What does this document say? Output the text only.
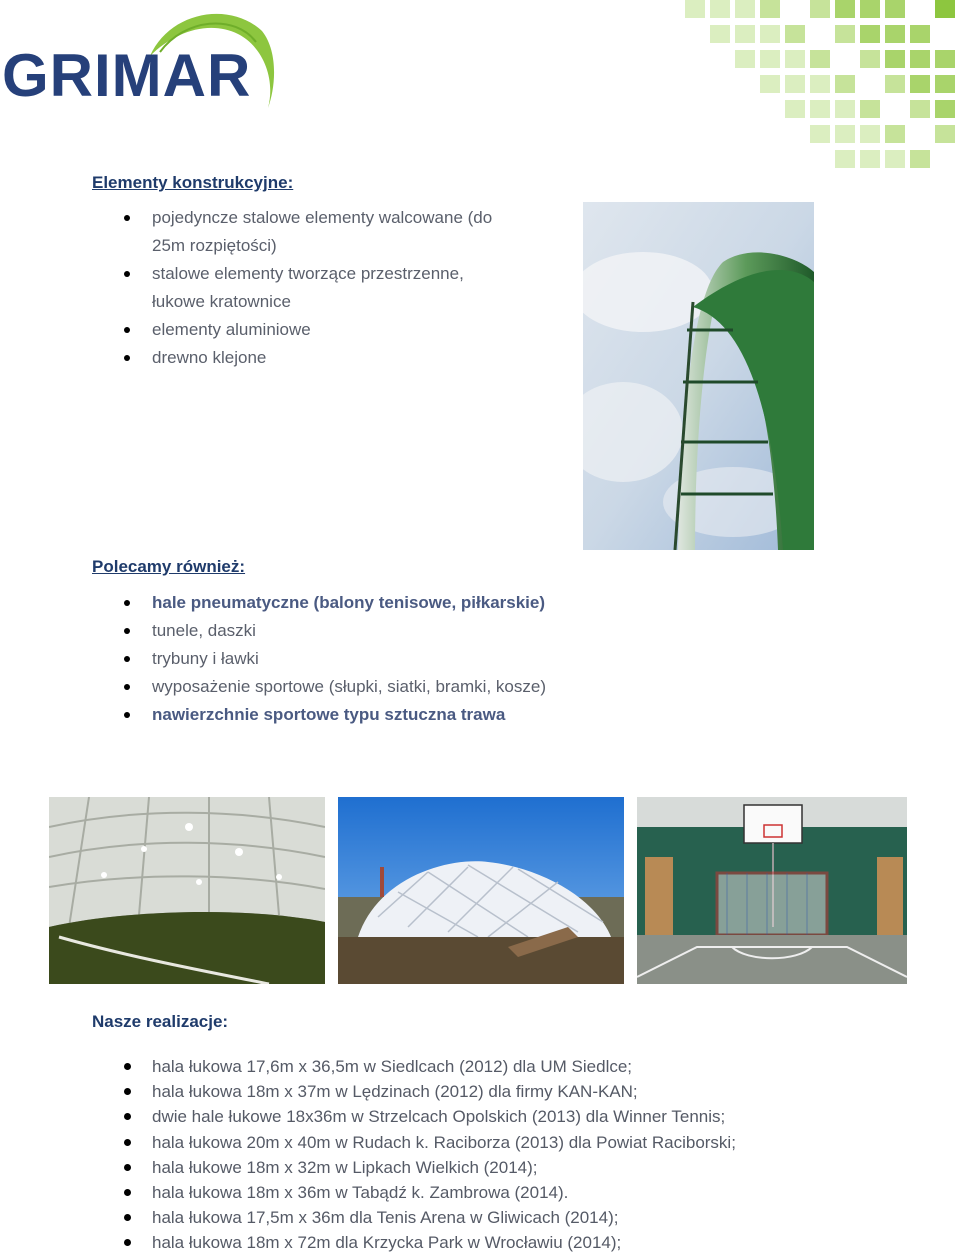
GRIMAR
Elementy konstrukcyjne:
pojedyncze stalowe elementy walcowane (do
25m rozpiętości)
stalowe elementy tworzące przestrzenne,
łukowe kratownice
elementy aluminiowe
drewno klejone
Polecamy również:
hale pneumatyczne (balony tenisowe, piłkarskie)
tunele, daszki
trybuny i ławki
wyposażenie sportowe (słupki, siatki, bramki, kosze)
nawierzchnie sportowe typu sztuczna trawa
Nasze realizacje:
hala łukowa 17,6m x 36,5m w Siedlcach (2012) dla UM Siedlce;
hala łukowa 18m x 37m w Lędzinach (2012) dla firmy KAN-KAN;
dwie hale łukowe 18x36m w Strzelcach Opolskich (2013) dla Winner Tennis;
hala łukowa 20m x 40m w Rudach k. Raciborza (2013) dla Powiat Raciborski;
hala łukowe 18m x 32m w Lipkach Wielkich (2014);
hala łukowa 18m x 36m w Tabądź k. Zambrowa (2014).
hala łukowa 17,5m x 36m dla Tenis Arena w Gliwicach (2014);
hala łukowa 18m x 72m dla Krzycka Park w Wrocławiu (2014);
